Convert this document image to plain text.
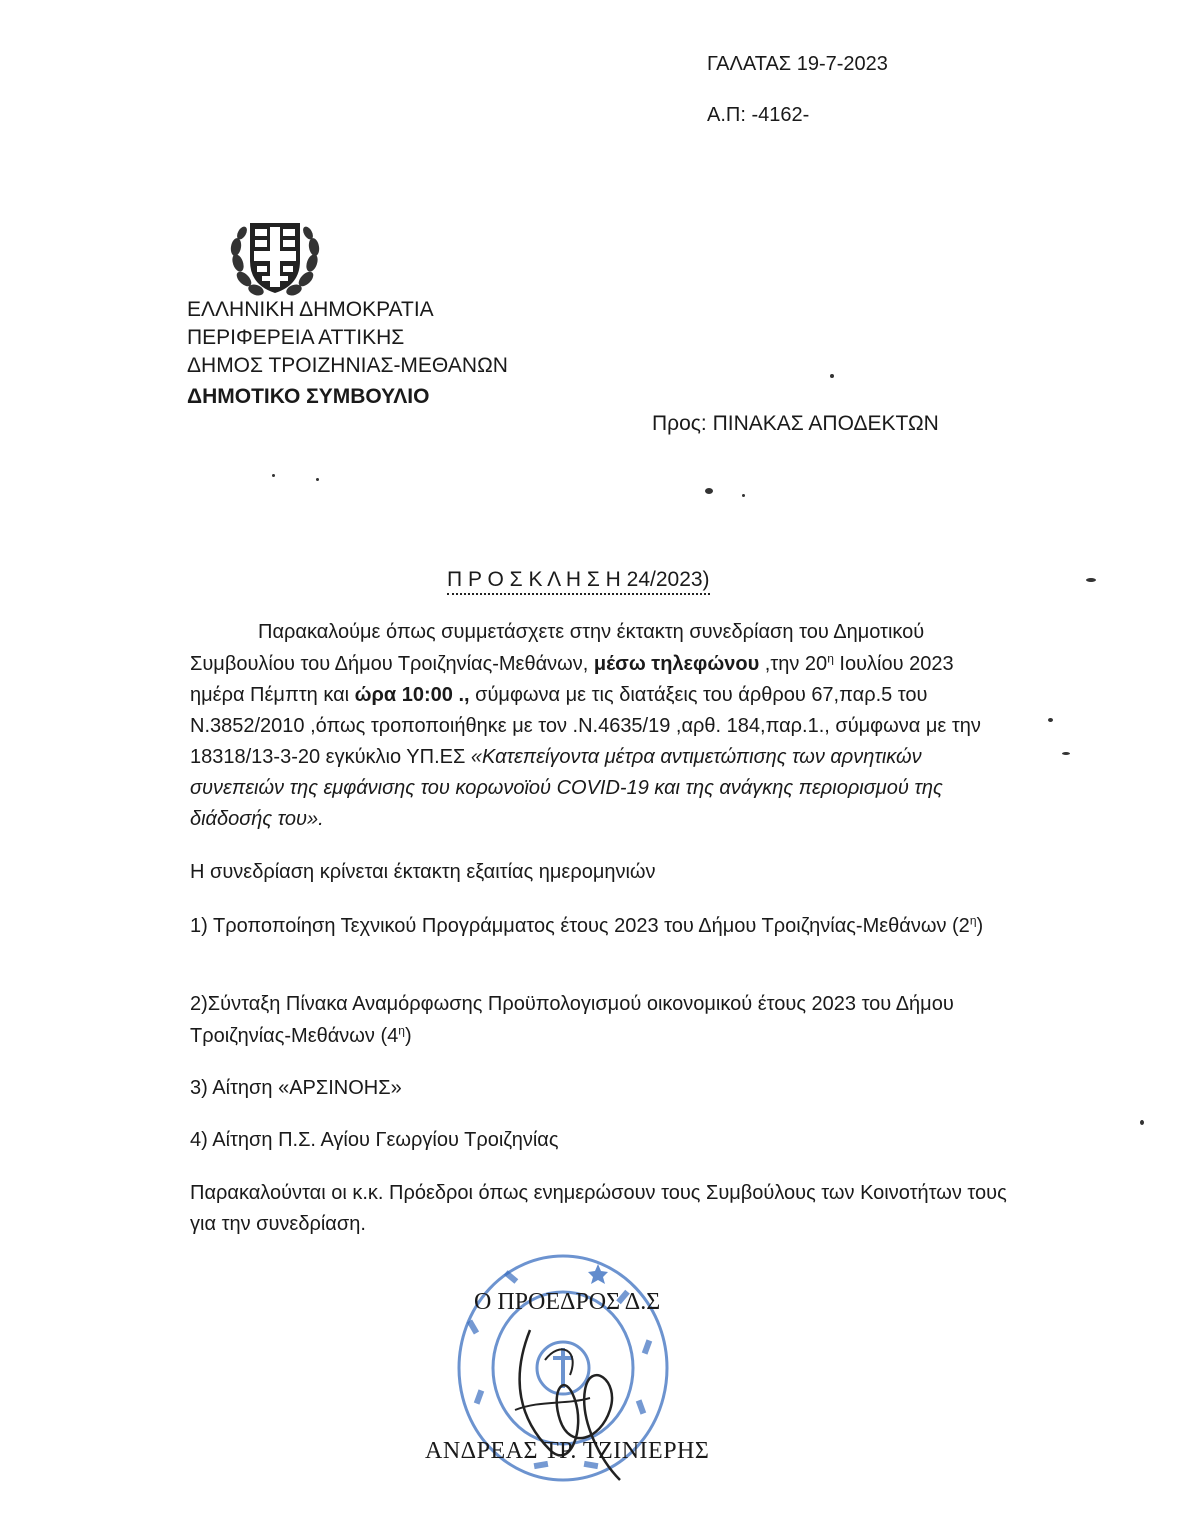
ΓΑΛΑΤΑΣ 19-7-2023
Α.Π: -4162-
ΕΛΛΗΝΙΚΗ ΔΗΜΟΚΡΑΤΙΑ
ΠΕΡΙΦΕΡΕΙΑ ΑΤΤΙΚΗΣ
ΔΗΜΟΣ ΤΡΟΙΖΗΝΙΑΣ-ΜΕΘΑΝΩΝ
ΔΗΜΟΤΙΚΟ ΣΥΜΒΟΥΛΙΟ
Προς: ΠΙΝΑΚΑΣ ΑΠΟΔΕΚΤΩΝ
Π Ρ Ο Σ Κ Λ Η Σ Η 24/2023)
Παρακαλούμε όπως συμμετάσχετε στην έκτακτη συνεδρίαση του Δημοτικού
Συμβουλίου του Δήμου Τροιζηνίας-Μεθάνων, μέσω τηλεφώνου ,την $20^\eta$ Ιουλίου 2023
ημέρα Πέμπτη και ώρα 10:00 ., σύμφωνα με τις διατάξεις του άρθρου 67,παρ.5 του
Ν.3852/2010 ,όπως τροποποιήθηκε με τον .Ν.4635/19 ,αρθ. 184,παρ.1., σύμφωνα με την
18318/13-3-20 εγκύκλιο ΥΠ.ΕΣ «Κατεπείγοντα μέτρα αντιμετώπισης των αρνητικών
συνεπειών της εμφάνισης του κορωνοϊού COVID-19 και της ανάγκης περιορισμού της
διάδοσής του».
Η συνεδρίαση κρίνεται έκτακτη εξαιτίας ημερομηνιών
1) Τροποποίηση Τεχνικού Προγράμματος έτους 2023 του Δήμου Τροιζηνίας-Μεθάνων $(2^\eta)$
2)Σύνταξη Πίνακα Αναμόρφωσης Προϋπολογισμού οικονομικού έτους 2023 του Δήμου
Τροιζηνίας-Μεθάνων $(4^\eta)$
3) Αίτηση «ΑΡΣΙΝΟΗΣ»
4) Αίτηση Π.Σ. Αγίου Γεωργίου Τροιζηνίας
Παρακαλούνται οι κ.κ. Πρόεδροι όπως ενημερώσουν τους Συμβούλους των Κοινοτήτων τους
για την συνεδρίαση.
Ο ΠΡΟΕΔΡΟΣ Δ.Σ
ΑΝΔΡΕΑΣ ΤΡ. ΤΖΙΝΙΕΡΗΣ
